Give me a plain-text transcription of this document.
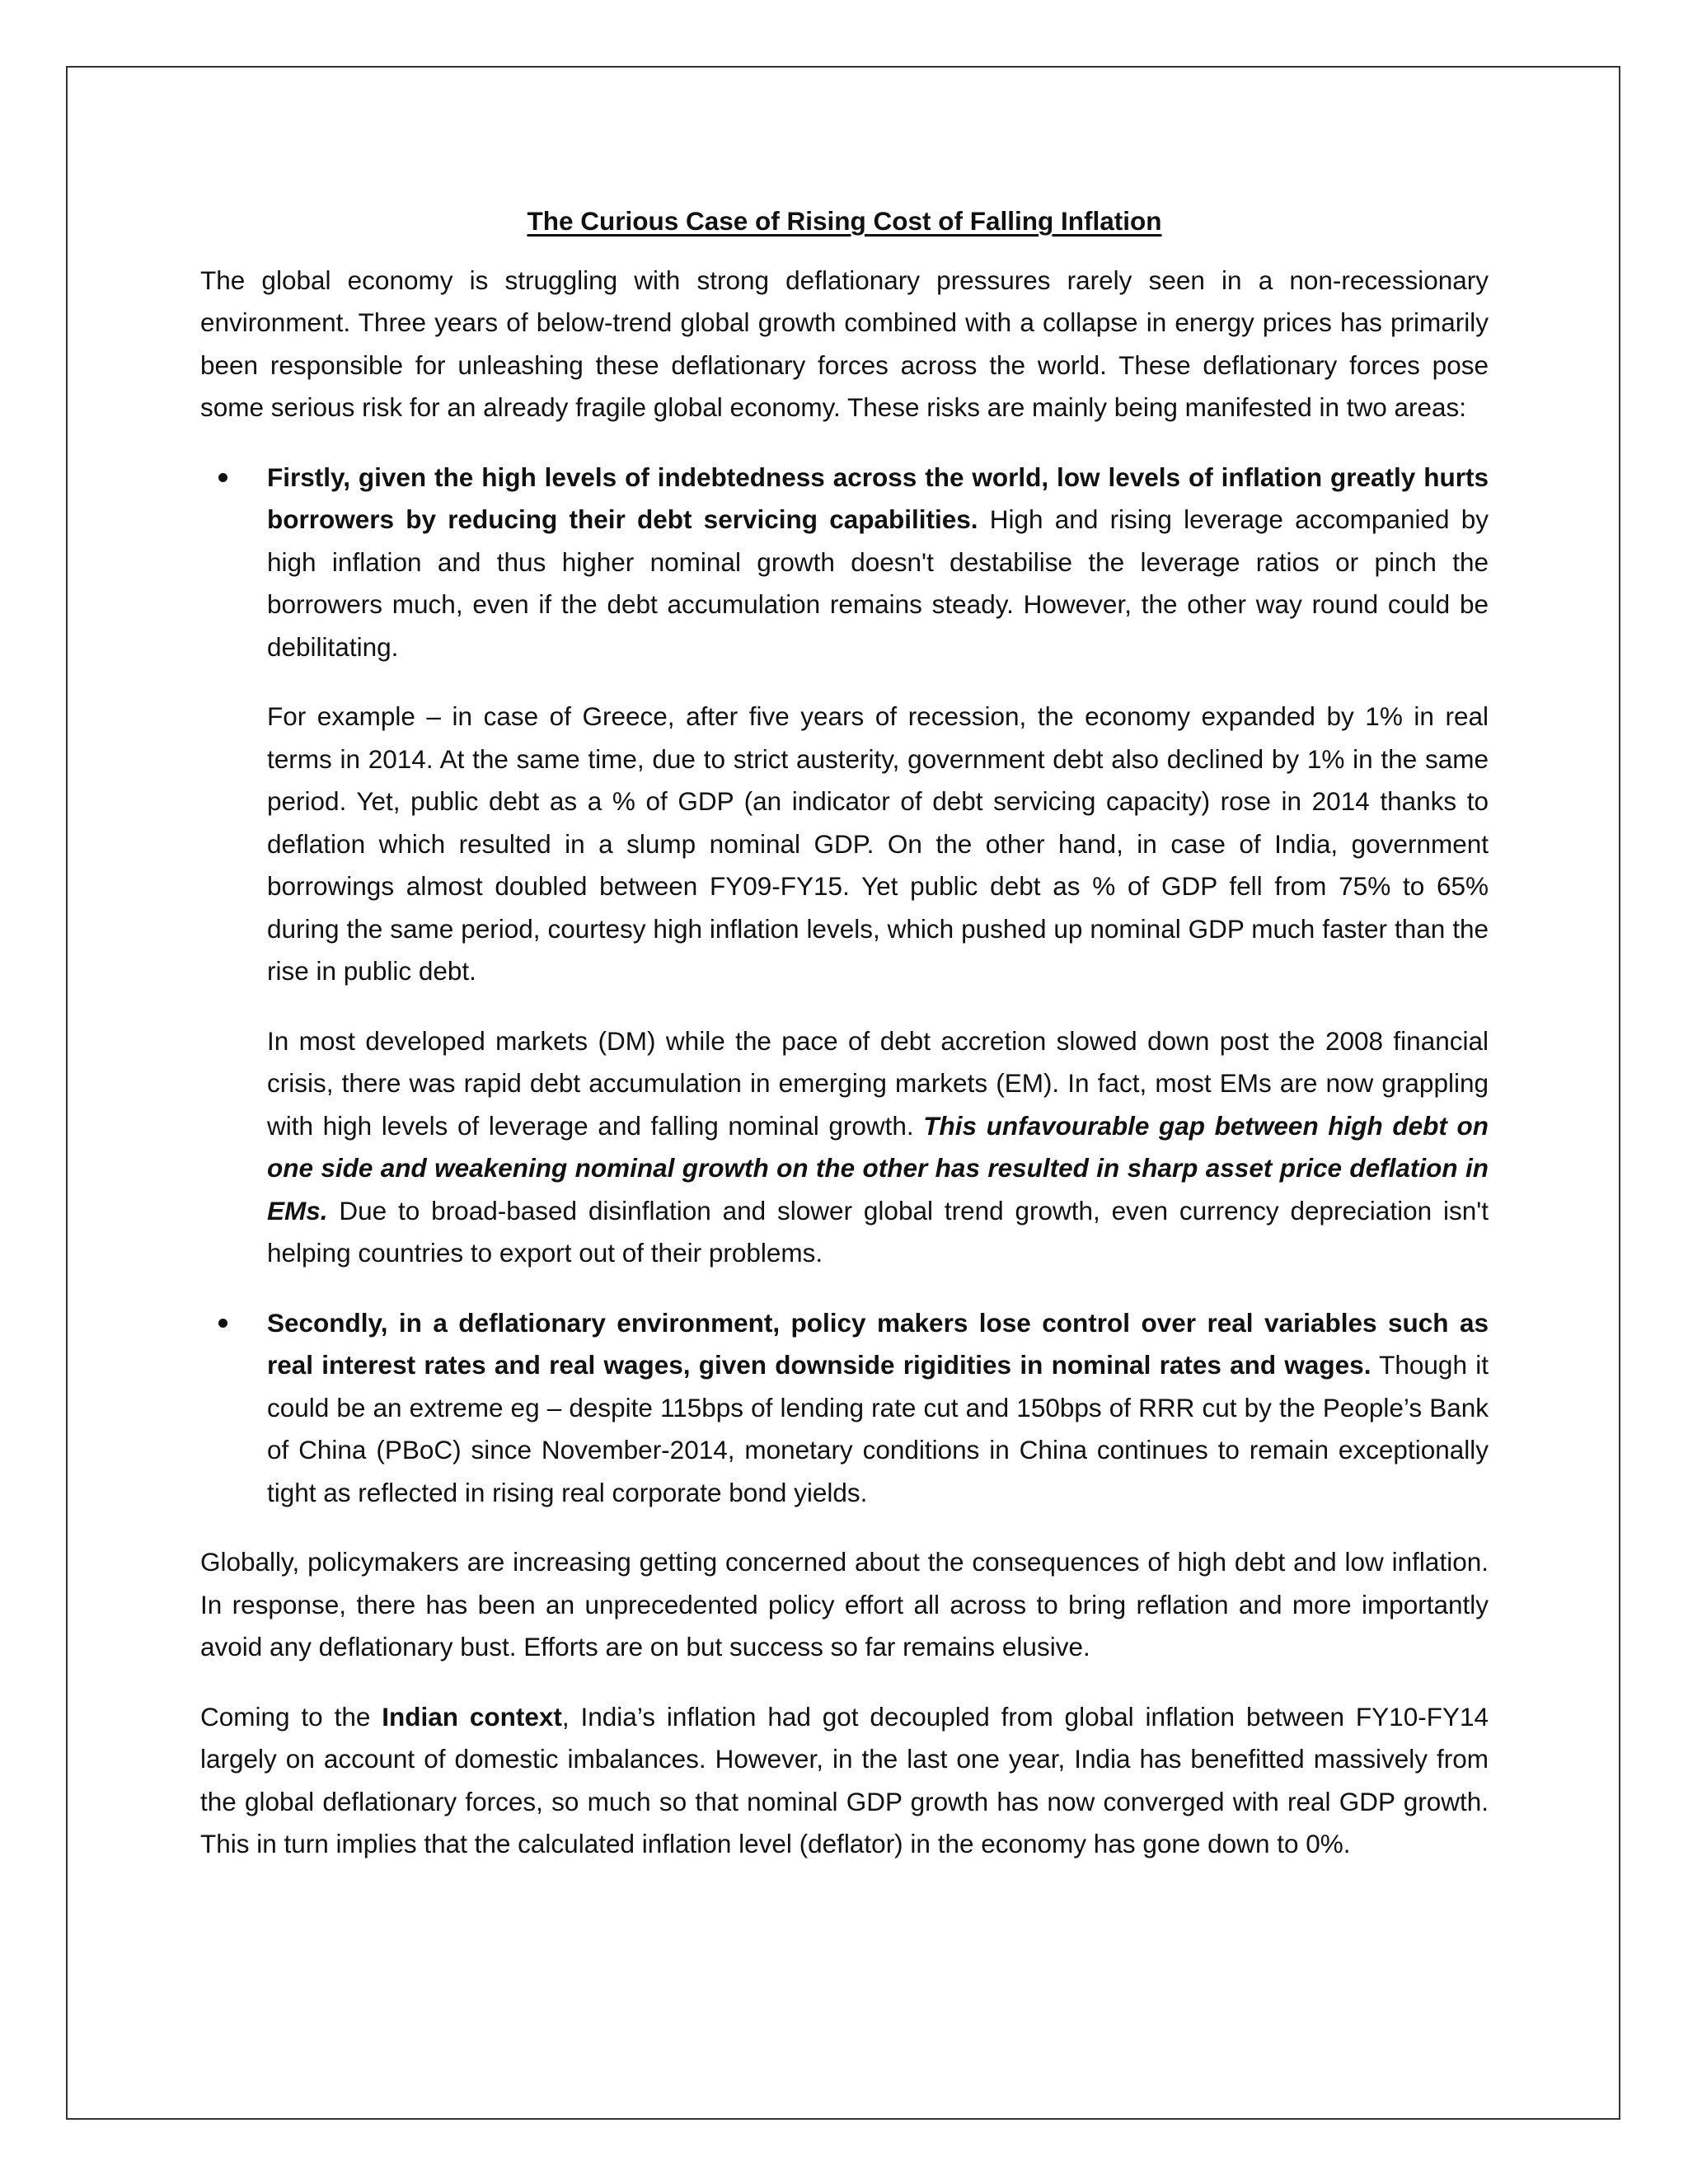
The Curious Case of Rising Cost of Falling Inflation

The global economy is struggling with strong deflationary pressures rarely seen in a non-recessionary environment. Three years of below-trend global growth combined with a collapse in energy prices has primarily been responsible for unleashing these deflationary forces across the world. These deflationary forces pose some serious risk for an already fragile global economy. These risks are mainly being manifested in two areas:

Firstly, given the high levels of indebtedness across the world, low levels of inflation greatly hurts borrowers by reducing their debt servicing capabilities. High and rising leverage accompanied by high inflation and thus higher nominal growth doesn't destabilise the leverage ratios or pinch the borrowers much, even if the debt accumulation remains steady. However, the other way round could be debilitating.

For example – in case of Greece, after five years of recession, the economy expanded by 1% in real terms in 2014. At the same time, due to strict austerity, government debt also declined by 1% in the same period. Yet, public debt as a % of GDP (an indicator of debt servicing capacity) rose in 2014 thanks to deflation which resulted in a slump nominal GDP. On the other hand, in case of India, government borrowings almost doubled between FY09-FY15. Yet public debt as % of GDP fell from 75% to 65% during the same period, courtesy high inflation levels, which pushed up nominal GDP much faster than the rise in public debt.

In most developed markets (DM) while the pace of debt accretion slowed down post the 2008 financial crisis, there was rapid debt accumulation in emerging markets (EM). In fact, most EMs are now grappling with high levels of leverage and falling nominal growth. This unfavourable gap between high debt on one side and weakening nominal growth on the other has resulted in sharp asset price deflation in EMs. Due to broad-based disinflation and slower global trend growth, even currency depreciation isn't helping countries to export out of their problems.

Secondly, in a deflationary environment, policy makers lose control over real variables such as real interest rates and real wages, given downside rigidities in nominal rates and wages. Though it could be an extreme eg – despite 115bps of lending rate cut and 150bps of RRR cut by the People’s Bank of China (PBoC) since November-2014, monetary conditions in China continues to remain exceptionally tight as reflected in rising real corporate bond yields.

Globally, policymakers are increasing getting concerned about the consequences of high debt and low inflation. In response, there has been an unprecedented policy effort all across to bring reflation and more importantly avoid any deflationary bust. Efforts are on but success so far remains elusive.

Coming to the Indian context, India’s inflation had got decoupled from global inflation between FY10-FY14 largely on account of domestic imbalances. However, in the last one year, India has benefitted massively from the global deflationary forces, so much so that nominal GDP growth has now converged with real GDP growth. This in turn implies that the calculated inflation level (deflator) in the economy has gone down to 0%.
